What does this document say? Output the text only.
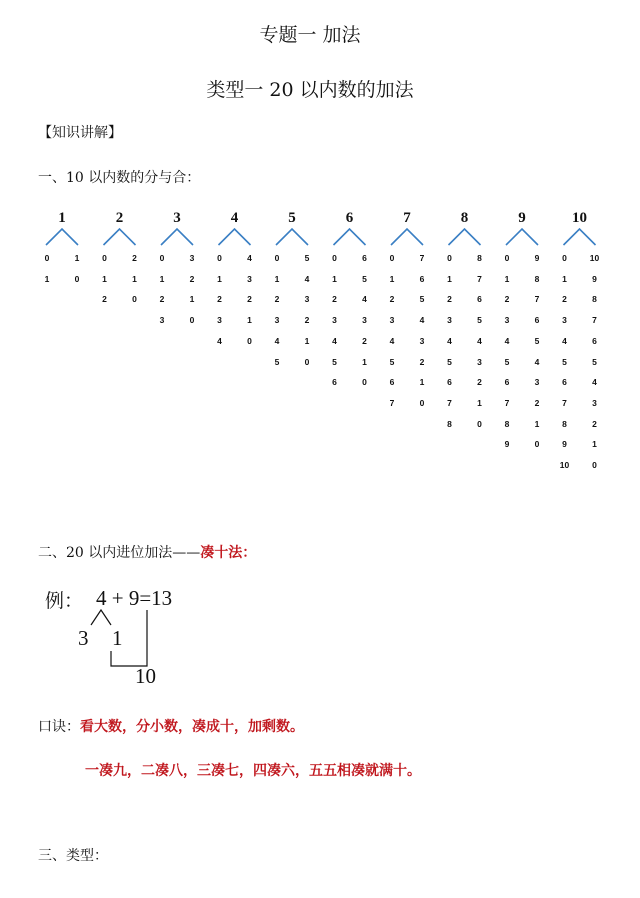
专题一 加法
类型一 20 以内数的加法
【知识讲解】
一、10 以内数的分与合：
1
0	1
1	0
2
0	2
1	1
2	0
3
0	3
1	2
2	1
3	0
4
0	4
1	3
2	2
3	1
4	0
5
0	5
1	4
2	3
3	2
4	1
5	0
6
0	6
1	5
2	4
3	3
4	2
5	1
6	0
7
0	7
1	6
2	5
3	4
4	3
5	2
6	1
7	0
8
0	8
1	7
2	6
3	5
4	4
5	3
6	2
7	1
8	0
9
0	9
1	8
2	7
3	6
4	5
5	4
6	3
7	2
8	1
9	0
10
0	10
1	9
2	8
3	7
4	6
5	5
6	4
7	3
8	2
9	1
10	0
二、20 以内进位加法——凑十法：
例： 4 + 9=13
3 1
10
口诀：看大数，分小数，凑成十，加剩数。
一凑九，二凑八，三凑七，四凑六，五五相凑就满十。
三、类型：
